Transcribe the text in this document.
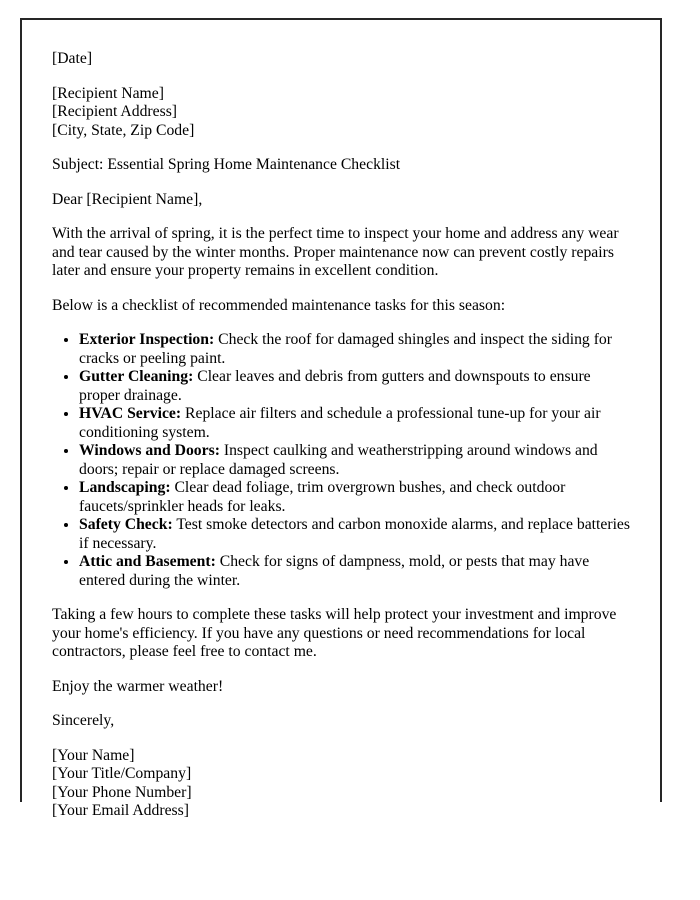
[Date]

[Recipient Name]
[Recipient Address]
[City, State, Zip Code]

Subject: Essential Spring Home Maintenance Checklist

Dear [Recipient Name],

With the arrival of spring, it is the perfect time to inspect your home and address any wear and tear caused by the winter months. Proper maintenance now can prevent costly repairs later and ensure your property remains in excellent condition.

Below is a checklist of recommended maintenance tasks for this season:

• Exterior Inspection: Check the roof for damaged shingles and inspect the siding for cracks or peeling paint.
• Gutter Cleaning: Clear leaves and debris from gutters and downspouts to ensure proper drainage.
• HVAC Service: Replace air filters and schedule a professional tune-up for your air conditioning system.
• Windows and Doors: Inspect caulking and weatherstripping around windows and doors; repair or replace damaged screens.
• Landscaping: Clear dead foliage, trim overgrown bushes, and check outdoor faucets/sprinkler heads for leaks.
• Safety Check: Test smoke detectors and carbon monoxide alarms, and replace batteries if necessary.
• Attic and Basement: Check for signs of dampness, mold, or pests that may have entered during the winter.

Taking a few hours to complete these tasks will help protect your investment and improve your home's efficiency. If you have any questions or need recommendations for local contractors, please feel free to contact me.

Enjoy the warmer weather!

Sincerely,

[Your Name]
[Your Title/Company]
[Your Phone Number]
[Your Email Address]
